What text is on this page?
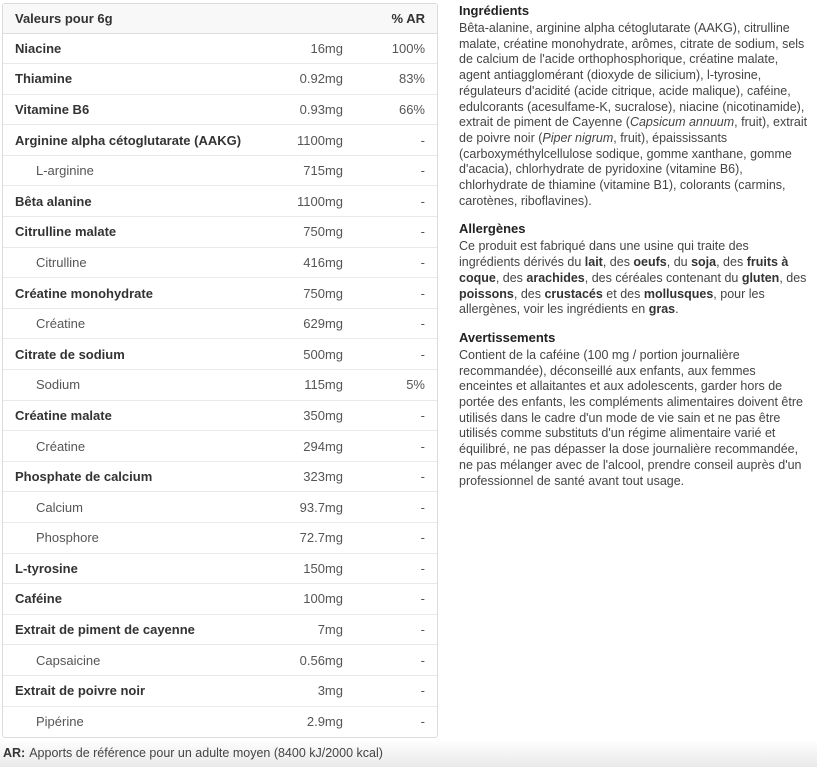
Valeurs pour 6g		% AR
Niacine	16mg	100%
Thiamine	0.92mg	83%
Vitamine B6	0.93mg	66%
Arginine alpha cétoglutarate (AAKG)	1100mg	-
L-arginine	715mg	-
Bêta alanine	1100mg	-
Citrulline malate	750mg	-
Citrulline	416mg	-
Créatine monohydrate	750mg	-
Créatine	629mg	-
Citrate de sodium	500mg	-
Sodium	115mg	5%
Créatine malate	350mg	-
Créatine	294mg	-
Phosphate de calcium	323mg	-
Calcium	93.7mg	-
Phosphore	72.7mg	-
L-tyrosine	150mg	-
Caféine	100mg	-
Extrait de piment de cayenne	7mg	-
Capsaicine	0.56mg	-
Extrait de poivre noir	3mg	-
Pipérine	2.9mg	-
Ingrédients

Bêta-alanine, arginine alpha cétoglutarate (AAKG), citrulline malate, créatine monohydrate, arômes, citrate de sodium, sels de calcium de l'acide orthophosphorique, créatine malate, agent antiagglomérant (dioxyde de silicium), l-tyrosine, régulateurs d'acidité (acide citrique, acide malique), caféine, edulcorants (acesulfame-K, sucralose), niacine (nicotinamide), extrait de piment de Cayenne (Capsicum annuum, fruit), extrait de poivre noir (Piper nigrum, fruit), épaississants (carboxyméthylcellulose sodique, gomme xanthane, gomme d'acacia), chlorhydrate de pyridoxine (vitamine B6), chlorhydrate de thiamine (vitamine B1), colorants (carmins, carotènes, riboflavines).

Allergènes

Ce produit est fabriqué dans une usine qui traite des ingrédients dérivés du lait, des oeufs, du soja, des fruits à coque, des arachides, des céréales contenant du gluten, des poissons, des crustacés et des mollusques, pour les allergènes, voir les ingrédients en gras.

Avertissements

Contient de la caféine (100 mg / portion journalière recommandée), déconseillé aux enfants, aux femmes enceintes et allaitantes et aux adolescents, garder hors de portée des enfants, les compléments alimentaires doivent être utilisés dans le cadre d'un mode de vie sain et ne pas être utilisés comme substituts d'un régime alimentaire varié et équilibré, ne pas dépasser la dose journalière recommandée, ne pas mélanger avec de l'alcool, prendre conseil auprès d'un professionnel de santé avant tout usage.

AR: Apports de référence pour un adulte moyen (8400 kJ/2000 kcal)
